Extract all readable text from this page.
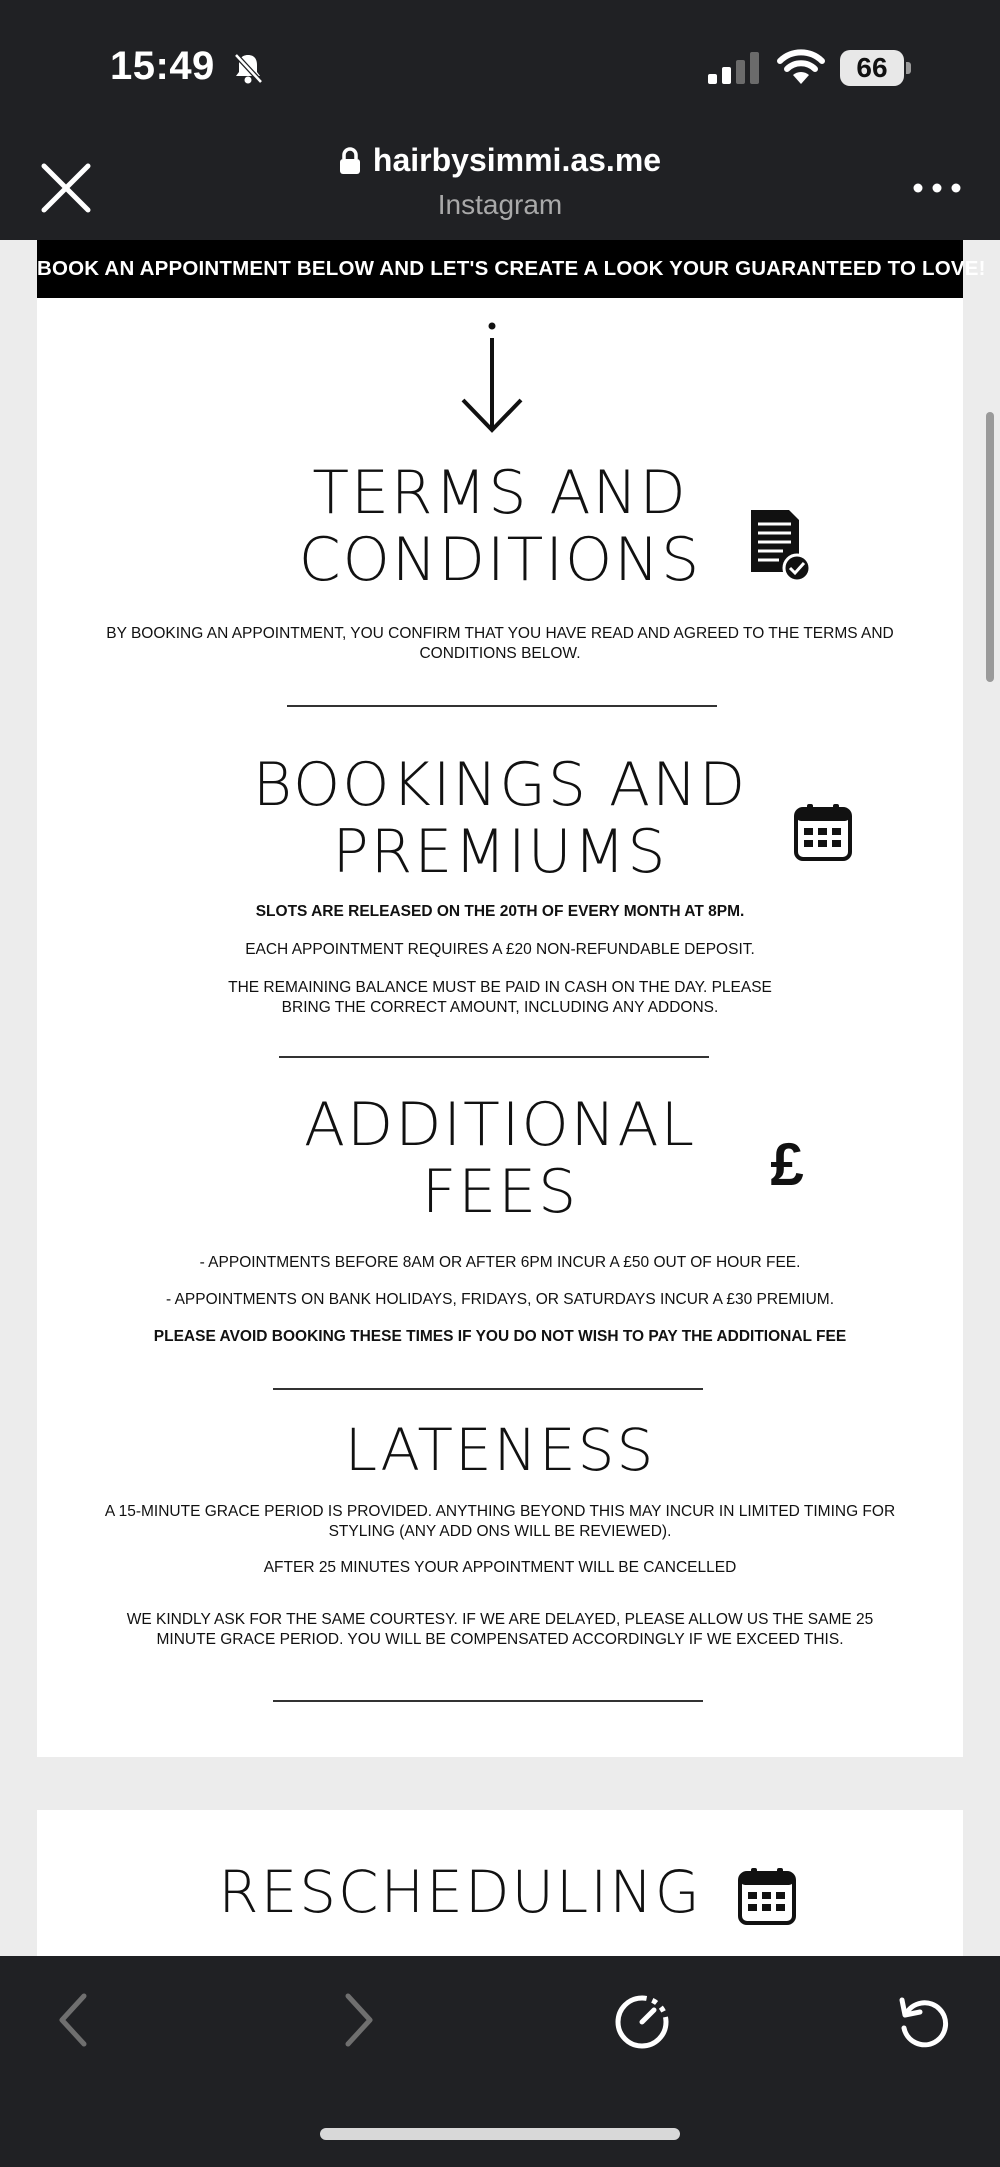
15:49	66
hairbysimmi.as.me
Instagram
BOOK AN APPOINTMENT BELOW AND LET'S CREATE A LOOK YOUR GUARANTEED TO LOVE!
TERMS AND
CONDITIONS
BY BOOKING AN APPOINTMENT, YOU CONFIRM THAT YOU HAVE READ AND AGREED TO THE TERMS AND CONDITIONS BELOW.
BOOKINGS AND
PREMIUMS
SLOTS ARE RELEASED ON THE 20TH OF EVERY MONTH AT 8PM.
EACH APPOINTMENT REQUIRES A £20 NON-REFUNDABLE DEPOSIT.
THE REMAINING BALANCE MUST BE PAID IN CASH ON THE DAY. PLEASE BRING THE CORRECT AMOUNT, INCLUDING ANY ADDONS.
ADDITIONAL
FEES	£
- APPOINTMENTS BEFORE 8AM OR AFTER 6PM INCUR A £50 OUT OF HOUR FEE.
- APPOINTMENTS ON BANK HOLIDAYS, FRIDAYS, OR SATURDAYS INCUR A £30 PREMIUM.
PLEASE AVOID BOOKING THESE TIMES IF YOU DO NOT WISH TO PAY THE ADDITIONAL FEE
LATENESS
A 15-MINUTE GRACE PERIOD IS PROVIDED. ANYTHING BEYOND THIS MAY INCUR IN LIMITED TIMING FOR STYLING (ANY ADD ONS WILL BE REVIEWED).
AFTER 25 MINUTES YOUR APPOINTMENT WILL BE CANCELLED
WE KINDLY ASK FOR THE SAME COURTESY. IF WE ARE DELAYED, PLEASE ALLOW US THE SAME 25 MINUTE GRACE PERIOD. YOU WILL BE COMPENSATED ACCORDINGLY IF WE EXCEED THIS.
RESCHEDULING
